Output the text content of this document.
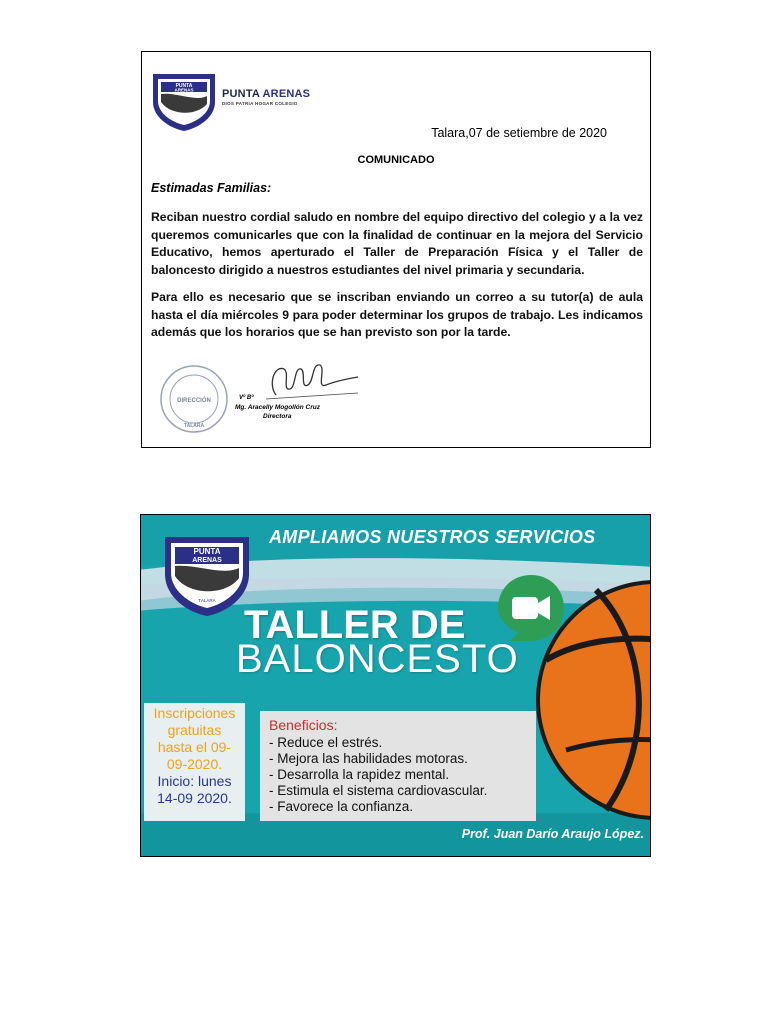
PUNTA
ARENAS
TALARA
PUNTA ARENAS
DIOS PATRIA HOGAR COLEGIO
Talara,07 de setiembre de 2020
COMUNICADO
Estimadas Familias:
Reciban nuestro cordial saludo en nombre del equipo directivo del colegio y a la vez queremos comunicarles que con la finalidad de continuar en la mejora del Servicio Educativo, hemos aperturado el Taller de Preparación Física y el Taller de baloncesto dirigido a nuestros estudiantes del nivel primaria y secundaria.
Para ello es necesario que se inscriban enviando un correo a su tutor(a) de aula hasta el día miércoles 9 para poder determinar los grupos de trabajo. Les indicamos además que los horarios que se han previsto son por la tarde.
DIRECCIÓN
TALARA
Vº Bº
Mg. Aracelly Mogollón Cruz
Directora
PUNTA
ARENAS
TALARA
AMPLIAMOS NUESTROS SERVICIOS
TALLER DE
BALONCESTO
Inscripciones
gratuitas
hasta el 09-
09-2020.
Inicio: lunes
14-09 2020.
Beneficios:
- Reduce el estrés.
- Mejora las habilidades motoras.
- Desarrolla la rapidez mental.
- Estimula el sistema cardiovascular.
- Favorece la confianza.
Prof. Juan Darío Araujo López.
